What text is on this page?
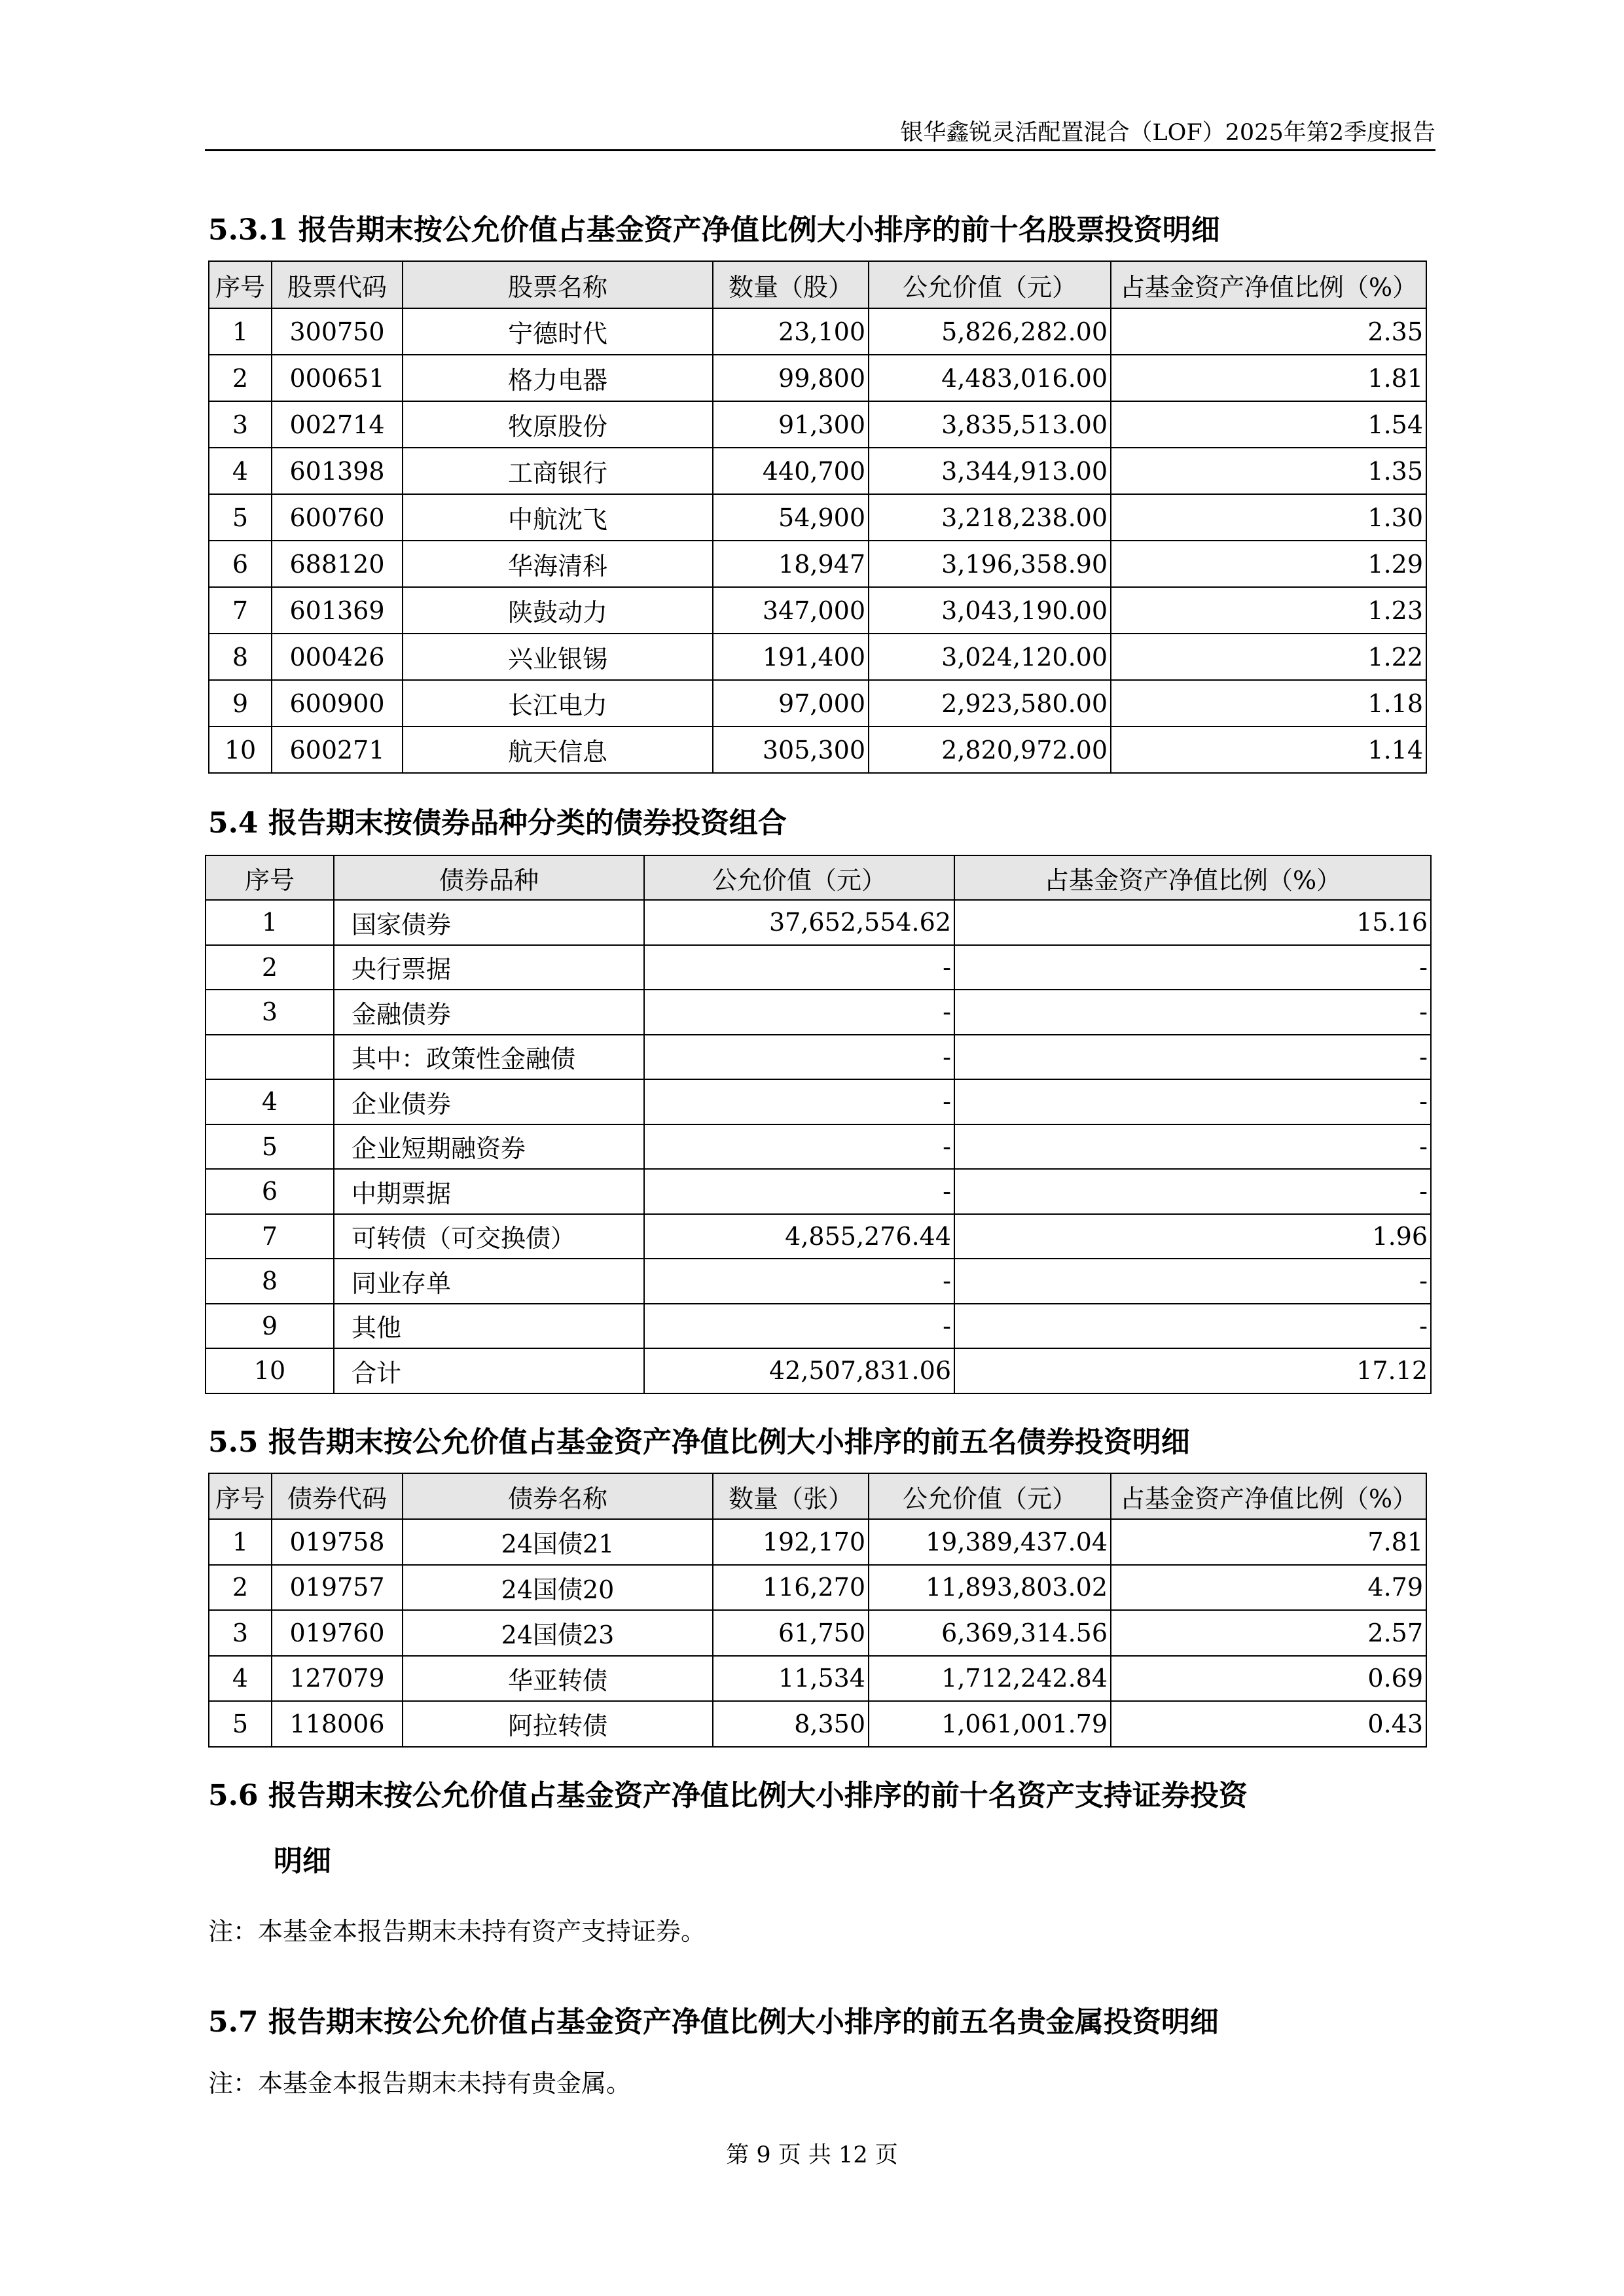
银华鑫锐灵活配置混合（LOF）2025年第2季度报告
5.3.1 报告期末按公允价值占基金资产净值比例大小排序的前十名股票投资明细
序号	股票代码	股票名称	数量（股）	公允价值（元）	占基金资产净值比例（%）
1	300750	宁德时代	23,100	5,826,282.00	2.35
2	000651	格力电器	99,800	4,483,016.00	1.81
3	002714	牧原股份	91,300	3,835,513.00	1.54
4	601398	工商银行	440,700	3,344,913.00	1.35
5	600760	中航沈飞	54,900	3,218,238.00	1.30
6	688120	华海清科	18,947	3,196,358.90	1.29
7	601369	陕鼓动力	347,000	3,043,190.00	1.23
8	000426	兴业银锡	191,400	3,024,120.00	1.22
9	600900	长江电力	97,000	2,923,580.00	1.18
10	600271	航天信息	305,300	2,820,972.00	1.14
5.4 报告期末按债券品种分类的债券投资组合
序号	债券品种	公允价值（元）	占基金资产净值比例（%）
1	国家债券	37,652,554.62	15.16
2	央行票据	-	-
3	金融债券	-	-
	其中：政策性金融债	-	-
4	企业债券	-	-
5	企业短期融资券	-	-
6	中期票据	-	-
7	可转债（可交换债）	4,855,276.44	1.96
8	同业存单	-	-
9	其他	-	-
10	合计	42,507,831.06	17.12
5.5 报告期末按公允价值占基金资产净值比例大小排序的前五名债券投资明细
序号	债券代码	债券名称	数量（张）	公允价值（元）	占基金资产净值比例（%）
1	019758	24国债21	192,170	19,389,437.04	7.81
2	019757	24国债20	116,270	11,893,803.02	4.79
3	019760	24国债23	61,750	6,369,314.56	2.57
4	127079	华亚转债	11,534	1,712,242.84	0.69
5	118006	阿拉转债	8,350	1,061,001.79	0.43
5.6 报告期末按公允价值占基金资产净值比例大小排序的前十名资产支持证券投资
明细
注：本基金本报告期末未持有资产支持证券。
5.7 报告期末按公允价值占基金资产净值比例大小排序的前五名贵金属投资明细
注：本基金本报告期末未持有贵金属。
第 9 页 共 12 页
